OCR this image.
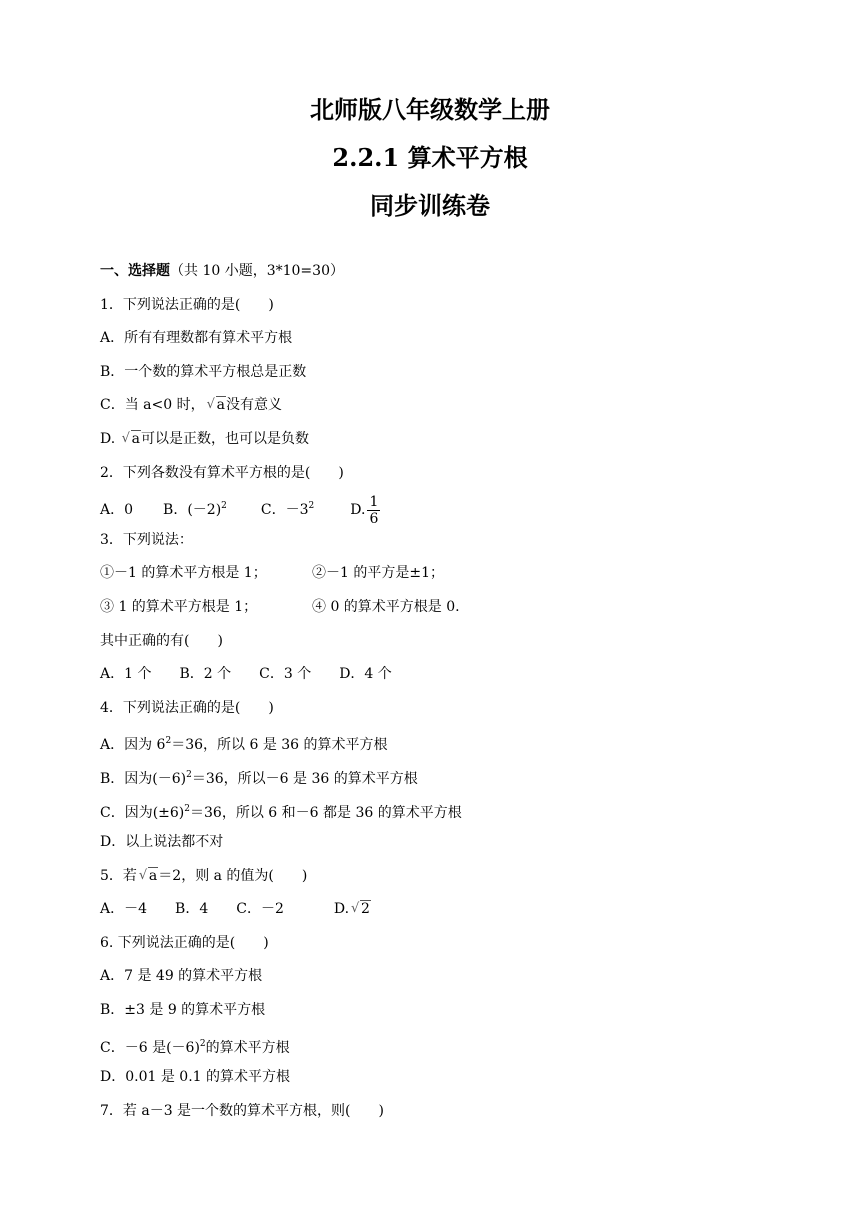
北师版八年级数学上册
2.2.1 算术平方根
同步训练卷
一、选择题（共 10 小题，3*10=30）
1．下列说法正确的是(　　)
A．所有有理数都有算术平方根
B．一个数的算术平方根总是正数
C．当 a<0 时， √ a没有意义
D. √ a可以是正数，也可以是负数
2．下列各数没有算术平方根的是(　　)
A．0 B．$(-2)^2$ C．$-3^2$	D. $\frac{1}{6}$
3．下列说法：
①－1 的算术平方根是 1；	②－1 的平方是±1；
③ 1 的算术平方根是 1；	④ 0 的算术平方根是 0.
其中正确的有(　　)
A．1 个 B．2 个 C．3 个 D．4 个
4．下列说法正确的是(　　)
A．因为 $6^2=36$，所以 6 是 36 的算术平方根
B．因为$(-6)^2=36$，所以－6 是 36 的算术平方根
C．因为$(\pm 6)^2=36$，所以 6 和－6 都是 36 的算术平方根
D．以上说法都不对
5．若 √ a＝2，则 a 的值为(　　)
A．－4 B．4 C．－2	D. √ 2
6. 下列说法正确的是(　　)
A．7 是 49 的算术平方根
B．±3 是 9 的算术平方根
C．－6 是$(-6)^2$的算术平方根
D．0.01 是 0.1 的算术平方根
7．若 a－3 是一个数的算术平方根，则(　　)
